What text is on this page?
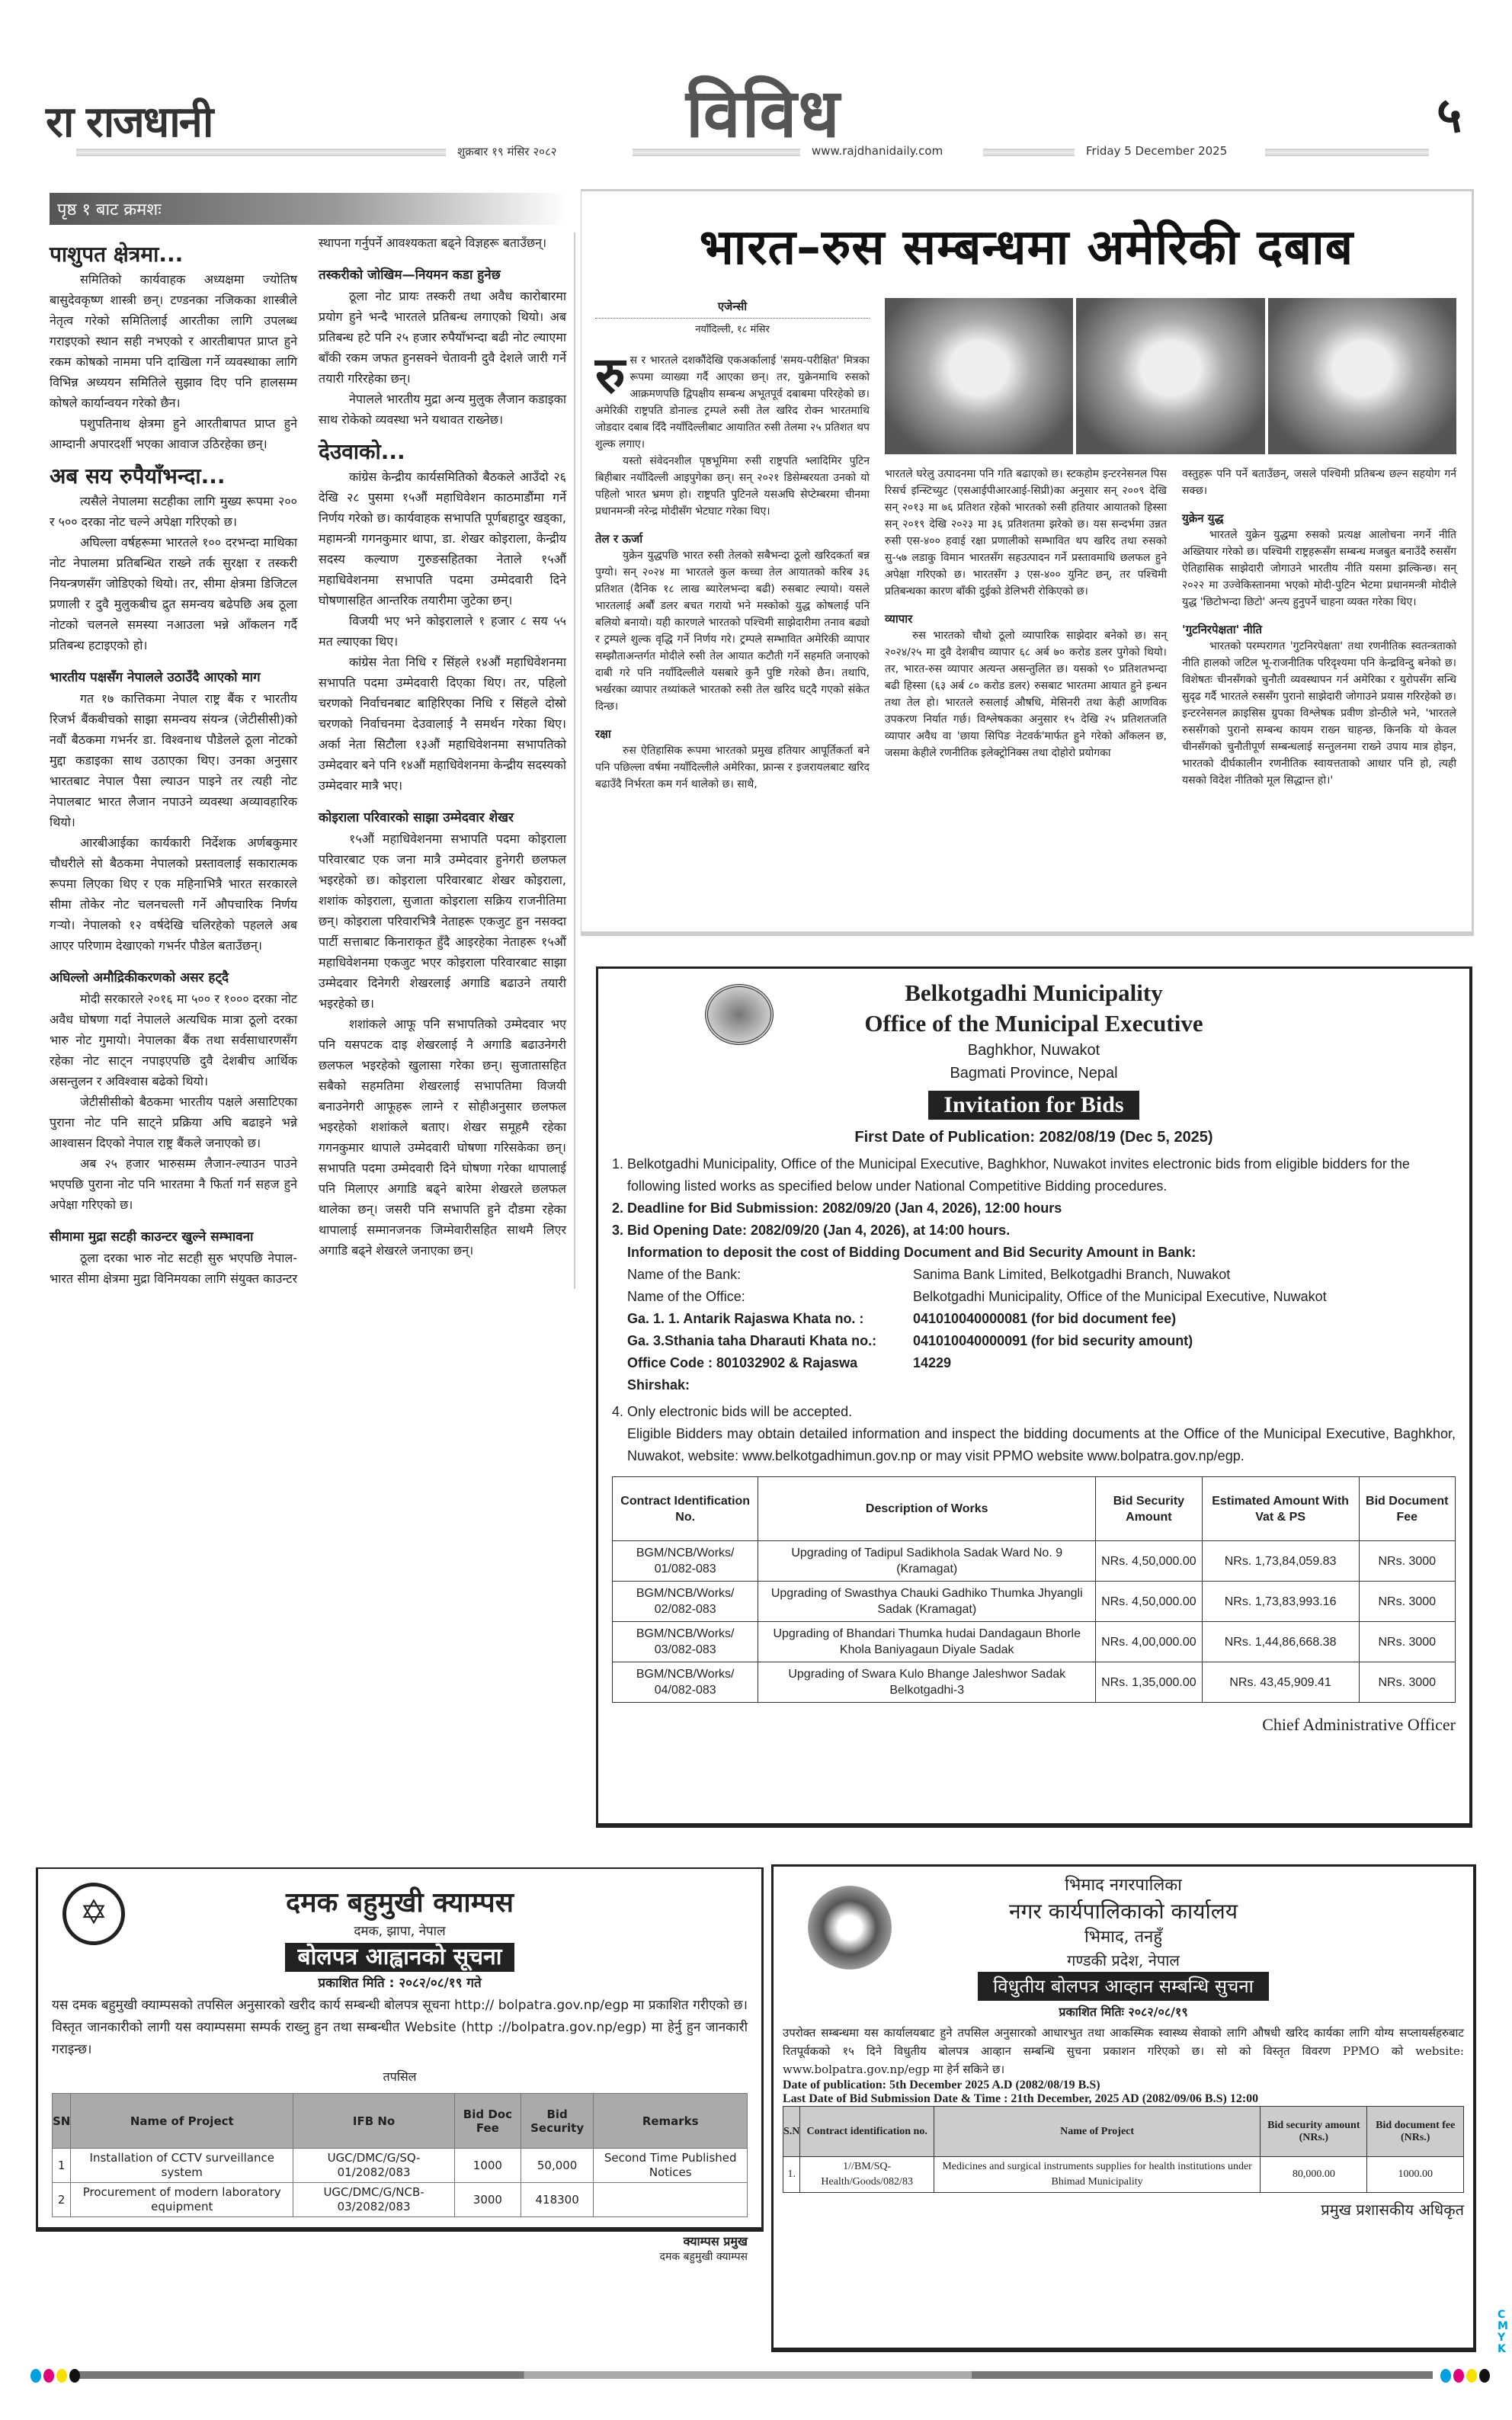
रा राजधानी
शुक्रबार १९ मंसिर २०८२ विविध
www.rajdhanidaily.com	Friday 5 December 2025
५
पृष्ठ १ बाट क्रमशः
पाशुपत क्षेत्रमा...

समितिको कार्यवाहक अध्यक्षमा ज्योतिष बासुदेवकृष्ण शास्त्री छन्। टण्डनका नजिकका शास्त्रीले नेतृत्व गरेको समितिलाई आरतीका लागि उपलब्ध गराइएको स्थान सही नभएको र आरतीबापत प्राप्त हुने रकम कोषको नाममा पनि दाखिला गर्ने व्यवस्थाका लागि विभिन्न अध्ययन समितिले सुझाव दिए पनि हालसम्म कोषले कार्यान्वयन गरेको छैन।

पशुपतिनाथ क्षेत्रमा हुने आरतीबापत प्राप्त हुने आम्दानी अपारदर्शी भएका आवाज उठिरहेका छन्।

अब सय रुपैयाँभन्दा...

त्यसैले नेपालमा सटहीका लागि मुख्य रूपमा २०० र ५०० दरका नोट चल्ने अपेक्षा गरिएको छ।

अघिल्ला वर्षहरूमा भारतले १०० दरभन्दा माथिका नोट नेपालमा प्रतिबन्धित राख्ने तर्क सुरक्षा र तस्करी नियन्त्रणसँग जोडिएको थियो। तर, सीमा क्षेत्रमा डिजिटल प्रणाली र दुवै मुलुकबीच द्रुत समन्वय बढेपछि अब ठूला नोटको चलनले समस्या नआउला भन्ने आँकलन गर्दै प्रतिबन्ध हटाइएको हो।

भारतीय पक्षसँग नेपालले उठाउँदै आएको माग

गत १७ कात्तिकमा नेपाल राष्ट्र बैंक र भारतीय रिजर्भ बैंकबीचको साझा समन्वय संयन्त्र (जेटीसीसी)को नवौं बैठकमा गभर्नर डा. विश्वनाथ पौडेलले ठूला नोटको मुद्दा कडाइका साथ उठाएका थिए। उनका अनुसार भारतबाट नेपाल पैसा ल्याउन पाइने तर त्यही नोट नेपालबाट भारत लैजान नपाउने व्यवस्था अव्यावहारिक थियो।

आरबीआईका कार्यकारी निर्देशक अर्णबकुमार चौधरीले सो बैठकमा नेपालको प्रस्तावलाई सकारात्मक रूपमा लिएका थिए र एक महिनाभित्रै भारत सरकारले सीमा तोकेर नोट चलनचल्ती गर्ने औपचारिक निर्णय गर्‍यो। नेपालको १२ वर्षदेखि चलिरहेको पहलले अब आएर परिणाम देखाएको गभर्नर पौडेल बताउँछन्।

अघिल्लो अमौद्रिकीकरणको असर हट्दै

मोदी सरकारले २०१६ मा ५०० र १००० दरका नोट अवैध घोषणा गर्दा नेपालले अत्यधिक मात्रा ठूलो दरका भारु नोट गुमायो। नेपालका बैंक तथा सर्वसाधारणसँग रहेका नोट साट्न नपाइएपछि दुवै देशबीच आर्थिक असन्तुलन र अविश्वास बढेको थियो।

जेटीसीसीको बैठकमा भारतीय पक्षले असाटिएका पुराना नोट पनि साट्ने प्रक्रिया अघि बढाइने भन्ने आश्वासन दिएको नेपाल राष्ट्र बैंकले जनाएको छ।

अब २५ हजार भारुसम्म लैजान-ल्याउन पाउने भएपछि पुराना नोट पनि भारतमा नै फिर्ता गर्न सहज हुने अपेक्षा गरिएको छ।

सीमामा मुद्रा सटही काउन्टर खुल्ने सम्भावना

ठूला दरका भारु नोट सटही सुरु भएपछि नेपाल-भारत सीमा क्षेत्रमा मुद्रा विनिमयका लागि संयुक्त काउन्टर स्थापना गर्नुपर्ने आवश्यकता बढ्ने विज्ञहरू बताउँछन्।

तस्करीको जोखिम—नियमन कडा हुनेछ

ठूला नोट प्रायः तस्करी तथा अवैध कारोबारमा प्रयोग हुने भन्दै भारतले प्रतिबन्ध लगाएको थियो। अब प्रतिबन्ध हटे पनि २५ हजार रुपैयाँभन्दा बढी नोट ल्याएमा बाँकी रकम जफत हुनसक्ने चेतावनी दुवै देशले जारी गर्ने तयारी गरिरहेका छन्।

नेपालले भारतीय मुद्रा अन्य मुलुक लैजान कडाइका साथ रोकेको व्यवस्था भने यथावत राख्नेछ।

देउवाको...

कांग्रेस केन्द्रीय कार्यसमितिको बैठकले आउँदो २६ देखि २८ पुसमा १५औं महाधिवेशन काठमाडौंमा गर्ने निर्णय गरेको छ। कार्यवाहक सभापति पूर्णबहादुर खड्का, महामन्त्री गगनकुमार थापा, डा. शेखर कोइराला, केन्द्रीय सदस्य कल्याण गुरुङसहितका नेताले १५औं महाधिवेशनमा सभापति पदमा उम्मेदवारी दिने घोषणासहित आन्तरिक तयारीमा जुटेका छन्।

विजयी भए भने कोइरालाले १ हजार ८ सय ५५ मत ल्याएका थिए।

कांग्रेस नेता निधि र सिंहले १४औं महाधिवेशनमा सभापति पदमा उम्मेदवारी दिएका थिए। तर, पहिलो चरणको निर्वाचनबाट बाहिरिएका निधि र सिंहले दोस्रो चरणको निर्वाचनमा देउवालाई नै समर्थन गरेका थिए। अर्का नेता सिटौला १३औं महाधिवेशनमा सभापतिको उम्मेदवार बने पनि १४औं महाधिवेशनमा केन्द्रीय सदस्यको उम्मेदवार मात्रै भए।

कोइराला परिवारको साझा उम्मेदवार शेखर

१५औं महाधिवेशनमा सभापति पदमा कोइराला परिवारबाट एक जना मात्रै उम्मेदवार हुनेगरी छलफल भइरहेको छ। कोइराला परिवारबाट शेखर कोइराला, शशांक कोइराला, सुजाता कोइराला सक्रिय राजनीतिमा छन्। कोइराला परिवारभित्रै नेताहरू एकजुट हुन नसक्दा पार्टी सत्ताबाट किनाराकृत हुँदै आइरहेका नेताहरू १५औं महाधिवेशनमा एकजुट भएर कोइराला परिवारबाट साझा उम्मेदवार दिनेगरी शेखरलाई अगाडि बढाउने तयारी भइरहेको छ।

शशांकले आफू पनि सभापतिको उम्मेदवार भए पनि यसपटक दाइ शेखरलाई नै अगाडि बढाउनेगरी छलफल भइरहेको खुलासा गरेका छन्। सुजातासहित सबैको सहमतिमा शेखरलाई सभापतिमा विजयी बनाउनेगरी आफूहरू लाग्ने र सोहीअनुसार छलफल भइरहेको शशांकले बताए। शेखर समूहमै रहेका गगनकुमार थापाले उम्मेदवारी घोषणा गरिसकेका छन्। सभापति पदमा उम्मेदवारी दिने घोषणा गरेका थापालाई पनि मिलाएर अगाडि बढ्ने बारेमा शेखरले छलफल थालेका छन्। जसरी पनि सभापति हुने दौडमा रहेका थापालाई सम्मानजनक जिम्मेवारीसहित साथमै लिएर अगाडि बढ्ने शेखरले जनाएका छन्।

भारत–रुस सम्बन्धमा अमेरिकी दबाब
एजेन्सी
नयाँदिल्ली, १८ मंसिर

रुस र भारतले दशकौंदेखि एकअर्कालाई 'समय-परीक्षित' मित्रका रूपमा व्याख्या गर्दै आएका छन्। तर, युक्रेनमाथि रुसको आक्रमणपछि द्विपक्षीय सम्बन्ध अभूतपूर्व दबाबमा परिरहेको छ। अमेरिकी राष्ट्रपति डोनाल्ड ट्रम्पले रुसी तेल खरिद रोक्न भारतमाथि जोडदार दबाब दिँदै नयाँदिल्लीबाट आयातित रुसी तेलमा २५ प्रतिशत थप शुल्क लगाए।

यस्तो संवेदनशील पृष्ठभूमिमा रुसी राष्ट्रपति भ्लादिमिर पुटिन बिहीबार नयाँदिल्ली आइपुगेका छन्। सन् २०२१ डिसेम्बरयता उनको यो पहिलो भारत भ्रमण हो। राष्ट्रपति पुटिनले यसअघि सेप्टेम्बरमा चीनमा प्रधानमन्त्री नरेन्द्र मोदीसँग भेटघाट गरेका थिए।

तेल र ऊर्जा

युक्रेन युद्धपछि भारत रुसी तेलको सबैभन्दा ठूलो खरिदकर्ता बन्न पुग्यो। सन् २०२४ मा भारतले कुल कच्चा तेल आयातको करिब ३६ प्रतिशत (दैनिक १८ लाख ब्यारेलभन्दा बढी) रुसबाट ल्यायो। यसले भारतलाई अर्बौं डलर बचत गरायो भने मस्कोको युद्ध कोषलाई पनि बलियो बनायो। यही कारणले भारतको पश्चिमी साझेदारीमा तनाव बढ्यो र ट्रम्पले शुल्क वृद्धि गर्ने निर्णय गरे। ट्रम्पले सम्भावित अमेरिकी व्यापार सम्झौताअन्तर्गत मोदीले रुसी तेल आयात कटौती गर्ने सहमति जनाएको दाबी गरे पनि नयाँदिल्लीले यसबारे कुनै पुष्टि गरेको छैन। तथापि, भर्खरका व्यापार तथ्यांकले भारतको रुसी तेल खरिद घट्दै गएको संकेत दिन्छ।

रक्षा

रुस ऐतिहासिक रूपमा भारतको प्रमुख हतियार आपूर्तिकर्ता बने पनि पछिल्ला वर्षमा नयाँदिल्लीले अमेरिका, फ्रान्स र इजरायलबाट खरिद बढाउँदै निर्भरता कम गर्न थालेको छ। साथै,

भारतले घरेलु उत्पादनमा पनि गति बढाएको छ। स्टकहोम इन्टरनेसनल पिस रिसर्च इन्स्टिच्युट (एसआईपीआरआई-सिप्री)का अनुसार सन् २००९ देखि सन् २०१३ मा ७६ प्रतिशत रहेको भारतको रुसी हतियार आयातको हिस्सा सन् २०१९ देखि २०२३ मा ३६ प्रतिशतमा झरेको छ। यस सन्दर्भमा उन्नत रुसी एस-४०० हवाई रक्षा प्रणालीको सम्भावित थप खरिद तथा रुसको सु-५७ लडाकु विमान भारतसँग सहउत्पादन गर्ने प्रस्तावमाथि छलफल हुने अपेक्षा गरिएको छ। भारतसँग ३ एस-४०० युनिट छन्, तर पश्चिमी प्रतिबन्धका कारण बाँकी दुईको डेलिभरी रोकिएको छ।

व्यापार

रुस भारतको चौथो ठूलो व्यापारिक साझेदार बनेको छ। सन् २०२४/२५ मा दुवै देशबीच व्यापार ६८ अर्ब ७० करोड डलर पुगेको थियो। तर, भारत-रुस व्यापार अत्यन्त असन्तुलित छ। यसको ९० प्रतिशतभन्दा बढी हिस्सा (६३ अर्ब ८० करोड डलर) रुसबाट भारतमा आयात हुने इन्धन तथा तेल हो। भारतले रुसलाई औषधि, मेसिनरी तथा केही आणविक उपकरण निर्यात गर्छ। विश्लेषकका अनुसार १५ देखि २५ प्रतिशतजति व्यापार अवैध वा 'छाया सिपिङ नेटवर्क'मार्फत हुने गरेको आँकलन छ, जसमा केहीले रणनीतिक इलेक्ट्रोनिक्स तथा दोहोरो प्रयोगका

वस्तुहरू पनि पर्ने बताउँछन्, जसले पश्चिमी प्रतिबन्ध छल्न सहयोग गर्न सक्छ।

युक्रेन युद्ध

भारतले युक्रेन युद्धमा रुसको प्रत्यक्ष आलोचना नगर्ने नीति अख्तियार गरेको छ। पश्चिमी राष्ट्रहरूसँग सम्बन्ध मजबुत बनाउँदै रुससँग ऐतिहासिक साझेदारी जोगाउने भारतीय नीति यसमा झल्किन्छ। सन् २०२२ मा उज्वेकिस्तानमा भएको मोदी-पुटिन भेटमा प्रधानमन्त्री मोदीले युद्ध 'छिटोभन्दा छिटो' अन्त्य हुनुपर्ने चाहना व्यक्त गरेका थिए।

'गुटनिरपेक्षता' नीति

भारतको परम्परागत 'गुटनिरपेक्षता' तथा रणनीतिक स्वतन्त्रताको नीति हालको जटिल भू-राजनीतिक परिदृश्यमा पनि केन्द्रविन्दु बनेको छ। विशेषतः चीनसँगको चुनौती व्यवस्थापन गर्न अमेरिका र युरोपसँग सन्धि सुदृढ गर्दै भारतले रुससँग पुरानो साझेदारी जोगाउने प्रयास गरिरहेको छ। इन्टरनेसनल क्राइसिस ग्रुपका विश्लेषक प्रवीण डोन्ठीले भने, 'भारतले रुससँगको पुरानो सम्बन्ध कायम राख्न चाहन्छ, किनकि यो केवल चीनसँगको चुनौतीपूर्ण सम्बन्धलाई सन्तुलनमा राख्ने उपाय मात्र होइन, भारतको दीर्घकालीन रणनीतिक स्वायत्तताको आधार पनि हो, त्यही यसको विदेश नीतिको मूल सिद्धान्त हो।'

Belkotgadhi Municipality
Office of the Municipal Executive
Baghkhor, Nuwakot
Bagmati Province, Nepal
Invitation for Bids
First Date of Publication: 2082/08/19 (Dec 5, 2025)
1. Belkotgadhi Municipality, Office of the Municipal Executive, Baghkhor, Nuwakot invites electronic bids from eligible bidders for the following listed works as specified below under National Competitive Bidding procedures.
2. Deadline for Bid Submission: 2082/09/20 (Jan 4, 2026), 12:00 hours
3. Bid Opening Date: 2082/09/20 (Jan 4, 2026), at 14:00 hours.
Information to deposit the cost of Bidding Document and Bid Security Amount in Bank:
Name of the Bank:	Sanima Bank Limited, Belkotgadhi Branch, Nuwakot
Name of the Office:	Belkotgadhi Municipality, Office of the Municipal Executive, Nuwakot
Ga. 1. 1. Antarik Rajaswa Khata no. :	041010040000081 (for bid document fee)
Ga. 3.Sthania taha Dharauti Khata no.:	041010040000091 (for bid security amount)
Office Code : 801032902 & Rajaswa Shirshak:
14229
4. Only electronic bids will be accepted.
Eligible Bidders may obtain detailed information and inspect the bidding documents at the Office of the Municipal Executive, Baghkhor, Nuwakot, website: www.belkotgadhimun.gov.np or may visit PPMO website www.bolpatra.gov.np/egp.
Contract Identification No.	Description of Works	Bid Security Amount	Estimated Amount With Vat & PS	Bid Document Fee
BGM/NCB/Works/ 01/082-083	Upgrading of Tadipul Sadikhola Sadak Ward No. 9 (Kramagat)	NRs. 4,50,000.00	NRs. 1,73,84,059.83	NRs. 3000
BGM/NCB/Works/ 02/082-083	Upgrading of Swasthya Chauki Gadhiko Thumka Jhyangli Sadak (Kramagat)	NRs. 4,50,000.00	NRs. 1,73,83,993.16	NRs. 3000
BGM/NCB/Works/ 03/082-083	Upgrading of Bhandari Thumka hudai Dandagaun Bhorle Khola Baniyagaun Diyale Sadak	NRs. 4,00,000.00	NRs. 1,44,86,668.38	NRs. 3000
BGM/NCB/Works/ 04/082-083	Upgrading of Swara Kulo Bhange Jaleshwor Sadak Belkotgadhi-3	NRs. 1,35,000.00	NRs. 43,45,909.41	NRs. 3000
Chief Administrative Officer
✡	दमक बहुमुखी क्याम्पस
दमक, झापा, नेपाल
बोलपत्र आह्वानको सूचना
प्रकाशित मिति : २०८२/०८/१९ गते
यस दमक बहुमुखी क्याम्पसको तपसिल अनुसारको खरीद कार्य सम्बन्धी बोलपत्र सूचना http:// bolpatra.gov.np/egp मा प्रकाशित गरीएको छ। विस्तृत जानकारीको लागी यस क्याम्पसमा सम्पर्क राख्नु हुन तथा सम्बन्धीत Website (http ://bolpatra.gov.np/egp) मा हेर्नु हुन जानकारी गराइन्छ।
तपसिल
SN	Name of Project	IFB No	Bid Doc Fee	Bid Security	Remarks
1	Installation of CCTV surveillance system	UGC/DMC/G/SQ-01/2082/083	1000	50,000	Second Time Published Notices
2	Procurement of modern laboratory equipment	UGC/DMC/G/NCB-03/2082/083	3000	418300	
क्याम्पस प्रमुख
दमक बहुमुखी क्याम्पस
भिमाद नगरपालिका
नगर कार्यपालिकाको कार्यालय
भिमाद, तनहुँ
गण्डकी प्रदेश, नेपाल
विधुतीय बोलपत्र आव्हान सम्बन्धि सुचना
प्रकाशित मितिः २०८२/०८/१९
उपरोक्त सम्बन्धमा यस कार्यालयबाट हुने तपसिल अनुसारको आधारभुत तथा आकस्मिक स्वास्थ्य सेवाको लागि औषधी खरिद कार्यका लागि योग्य सप्लायर्सहरुबाट रितपूर्वकको १५ दिने विधुतीय बोलपत्र आव्हान सम्बन्धि सुचना प्रकाशन गरिएको छ। सो को विस्तृत विवरण PPMO को website: www.bolpatra.gov.np/egp मा हेर्न सकिने छ।
Date of publication: 5th December 2025 A.D (2082/08/19 B.S)
Last Date of Bid Submission Date & Time : 21th December, 2025 AD (2082/09/06 B.S) 12:00
S.N	Contract identification no.	Name of Project	Bid security amount (NRs.)	Bid document fee (NRs.)
1.	1//BM/SQ-Health/Goods/082/83	Medicines and surgical instruments supplies for health institutions under Bhimad Municipality	80,000.00	1000.00
प्रमुख प्रशासकीय अधिकृत
CMYK
